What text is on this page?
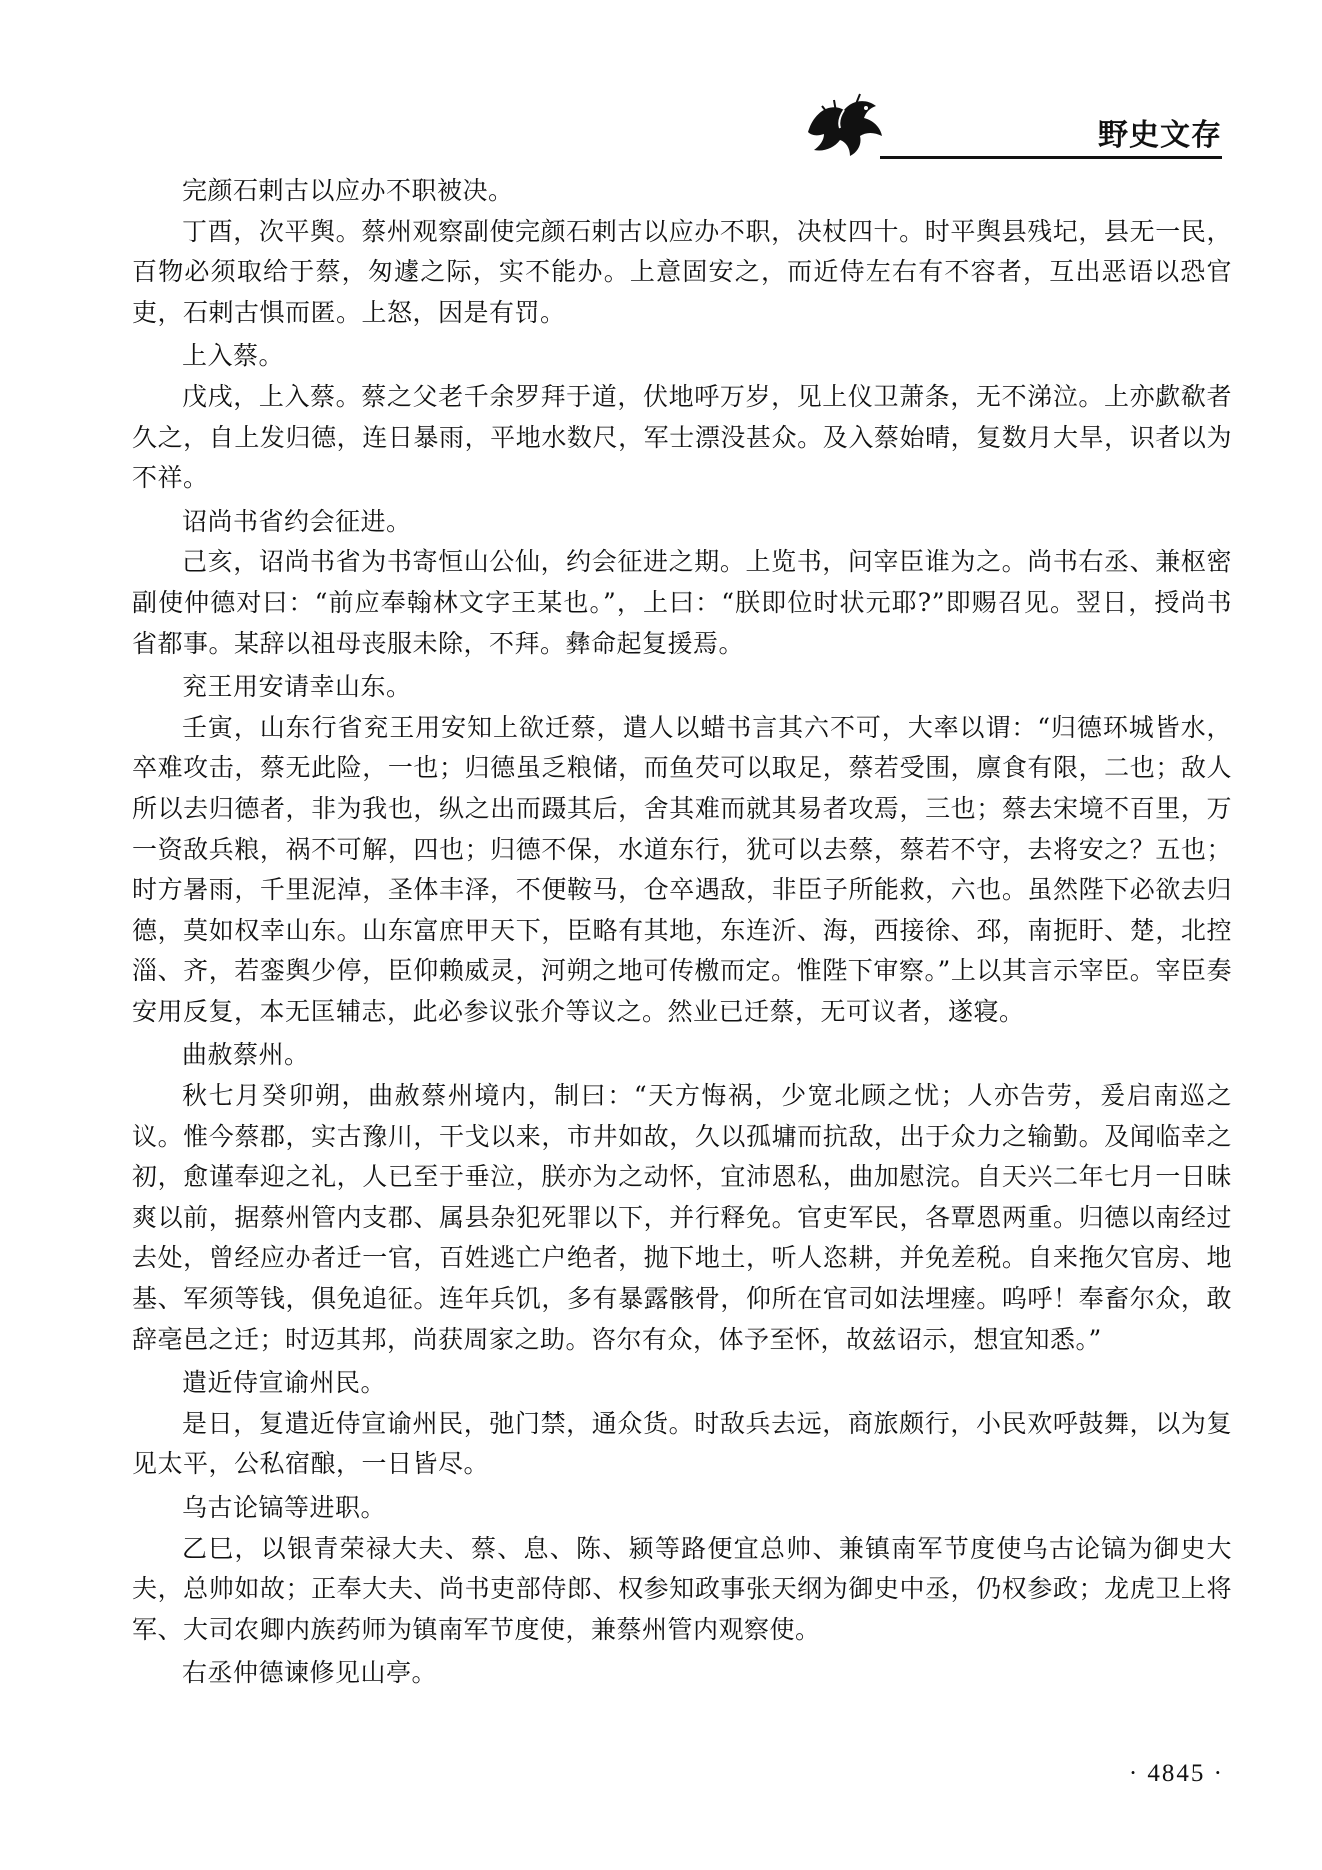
野史文存

完颜石剌古以应办不职被决。

丁酉，次平舆。蔡州观察副使完颜石剌古以应办不职，决杖四十。时平舆县残圮，县无一民，百物必须取给于蔡，匆遽之际，实不能办。上意固安之，而近侍左右有不容者，互出恶语以恐官吏，石剌古惧而匿。上怒，因是有罚。

上入蔡。

戊戌，上入蔡。蔡之父老千余罗拜于道，伏地呼万岁，见上仪卫萧条，无不涕泣。上亦歔欷者久之，自上发归德，连日暴雨，平地水数尺，军士漂没甚众。及入蔡始晴，复数月大旱，识者以为不祥。

诏尚书省约会征进。

己亥，诏尚书省为书寄恒山公仙，约会征进之期。上览书，问宰臣谁为之。尚书右丞、兼枢密副使仲德对曰：“前应奉翰林文字王某也。”，上曰：“朕即位时状元耶?”即赐召见。翌日，授尚书省都事。某辞以祖母丧服未除，不拜。彝命起复援焉。

兖王用安请幸山东。

壬寅，山东行省兖王用安知上欲迁蔡，遣人以蜡书言其六不可，大率以谓：“归德环城皆水，卒难攻击，蔡无此险，一也；归德虽乏粮储，而鱼芡可以取足，蔡若受围，廪食有限，二也；敌人所以去归德者，非为我也，纵之出而蹑其后，舍其难而就其易者攻焉，三也；蔡去宋境不百里，万一资敌兵粮，祸不可解，四也；归德不保，水道东行，犹可以去蔡，蔡若不守，去将安之？五也；时方暑雨，千里泥淖，圣体丰泽，不便鞍马，仓卒遇敌，非臣子所能救，六也。虽然陛下必欲去归德，莫如权幸山东。山东富庶甲天下，臣略有其地，东连沂、海，西接徐、邳，南扼盱、楚，北控淄、齐，若銮舆少停，臣仰赖威灵，河朔之地可传檄而定。惟陛下审察。”上以其言示宰臣。宰臣奏安用反复，本无匡辅志，此必参议张介等议之。然业已迁蔡，无可议者，遂寝。

曲赦蔡州。

秋七月癸卯朔，曲赦蔡州境内，制曰：“天方悔祸，少宽北顾之忧；人亦告劳，爰启南巡之议。惟今蔡郡，实古豫川，干戈以来，市井如故，久以孤墉而抗敌，出于众力之输勤。及闻临幸之初，愈谨奉迎之礼，人已至于垂泣，朕亦为之动怀，宜沛恩私，曲加慰浣。自天兴二年七月一日昧爽以前，据蔡州管内支郡、属县杂犯死罪以下，并行释免。官吏军民，各覃恩两重。归德以南经过去处，曾经应办者迁一官，百姓逃亡户绝者，抛下地土，听人恣耕，并免差税。自来拖欠官房、地基、军须等钱，俱免追征。连年兵饥，多有暴露骸骨，仰所在官司如法埋瘗。呜呼！奉畜尔众，敢辞亳邑之迁；时迈其邦，尚获周家之助。咨尔有众，体予至怀，故兹诏示，想宜知悉。”

遣近侍宣谕州民。

是日，复遣近侍宣谕州民，弛门禁，通众货。时敌兵去远，商旅颇行，小民欢呼鼓舞，以为复见太平，公私宿酿，一日皆尽。

乌古论镐等进职。

乙巳，以银青荣禄大夫、蔡、息、陈、颍等路便宜总帅、兼镇南军节度使乌古论镐为御史大夫，总帅如故；正奉大夫、尚书吏部侍郎、权参知政事张天纲为御史中丞，仍权参政；龙虎卫上将军、大司农卿内族药师为镇南军节度使，兼蔡州管内观察使。

右丞仲德谏修见山亭。

· 4845 ·
